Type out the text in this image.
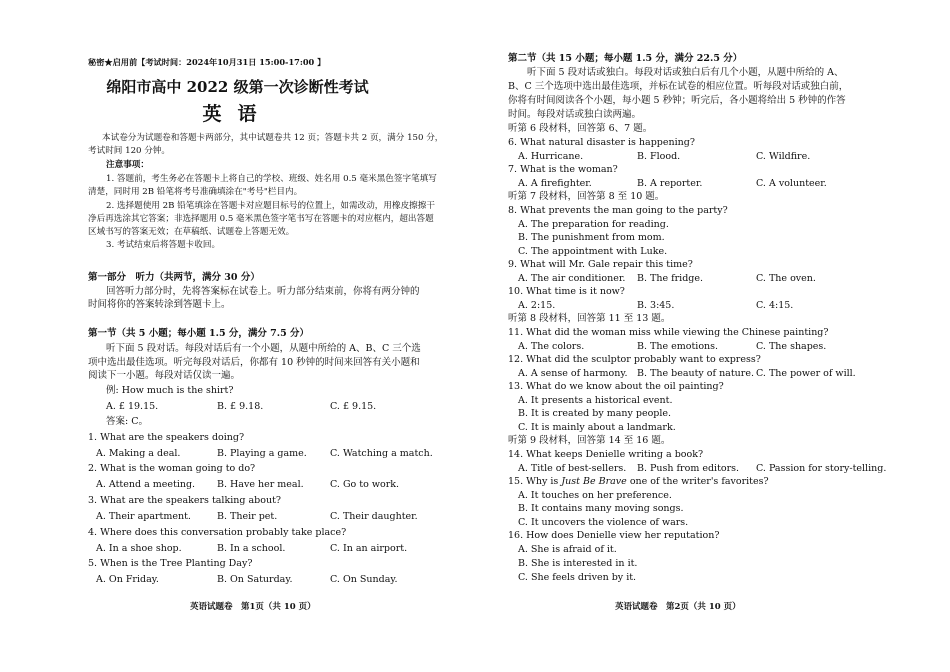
秘密★启用前【考试时间：2024年10月31日 15:00-17:00 】
绵阳市高中 2022 级第一次诊断性考试
英语
本试卷分为试题卷和答题卡两部分，其中试题卷共 12 页；答题卡共 2 页，满分 150 分，
考试时间 120 分钟。
注意事项：
1. 答题前，考生务必在答题卡上将自己的学校、班级、姓名用 0.5 毫米黑色签字笔填写
清楚，同时用 2B 铅笔将考号准确填涂在"考号"栏目内。
2. 选择题使用 2B 铅笔填涂在答题卡对应题目标号的位置上，如需改动，用橡皮擦擦干
净后再选涂其它答案；非选择题用 0.5 毫米黑色签字笔书写在答题卡的对应框内，超出答题
区域书写的答案无效；在草稿纸、试题卷上答题无效。
3. 考试结束后将答题卡收回。
第一部分　听力（共两节，满分 30 分）
回答听力部分时，先将答案标在试卷上。听力部分结束前，你将有两分钟的
时间将你的答案转涂到答题卡上。
第一节（共 5 小题；每小题 1.5 分，满分 7.5 分）
听下面 5 段对话。每段对话后有一个小题，从题中所给的 A、B、C 三个选
项中选出最佳选项。听完每段对话后，你都有 10 秒钟的时间来回答有关小题和
阅读下一小题。每段对话仅读一遍。
例: How much is the shirt?
A. £ 19.15.	B. £ 9.18.	C. £ 9.15.
答案: C。
1. What are the speakers doing?
A. Making a deal.	B. Playing a game. C. Watching a match.
2. What is the woman going to do?
A. Attend a meeting. B. Have her meal.	C. Go to work.
3. What are the speakers talking about?
A. Their apartment.	B. Their pet.	C. Their daughter.
4. Where does this conversation probably take place?
A. In a shoe shop.	B. In a school.	C. In an airport.
5. When is the Tree Planting Day?
A. On Friday.	B. On Saturday.	C. On Sunday.
英语试题卷　第1页（共 10 页）
第二节（共 15 小题；每小题 1.5 分，满分 22.5 分）
听下面 5 段对话或独白。每段对话或独白后有几个小题，从题中所给的 A、
B、C 三个选项中选出最佳选项，并标在试卷的相应位置。听每段对话或独白前，
你将有时间阅读各个小题，每小题 5 秒钟；听完后，各小题将给出 5 秒钟的作答
时间。每段对话或独白读两遍。
听第 6 段材料，回答第 6、7 题。
6. What natural disaster is happening?
A. Hurricane.	B. Flood.	C. Wildfire.
7. What is the woman?
A. A firefighter.	B. A reporter.	C. A volunteer.
听第 7 段材料，回答第 8 至 10 题。
8. What prevents the man going to the party?
A. The preparation for reading.
B. The punishment from mom.
C. The appointment with Luke.
9. What will Mr. Gale repair this time?
A. The air conditioner. B. The fridge.	C. The oven.
10. What time is it now?
A. 2:15.	B. 3:45.	C. 4:15.
听第 8 段材料，回答第 11 至 13 题。
11. What did the woman miss while viewing the Chinese painting?
A. The colors.	B. The emotions.	C. The shapes.
12. What did the sculptor probably want to express?
A. A sense of harmony. B. The beauty of nature. C. The power of will.
13. What do we know about the oil painting?
A. It presents a historical event.
B. It is created by many people.
C. It is mainly about a landmark.
听第 9 段材料，回答第 14 至 16 题。
14. What keeps Denielle writing a book?
A. Title of best-sellers. B. Push from editors. C. Passion for story-telling.
15. Why is Just Be Brave one of the writer's favorites?
A. It touches on her preference.
B. It contains many moving songs.
C. It uncovers the violence of wars.
16. How does Denielle view her reputation?
A. She is afraid of it.
B. She is interested in it.
C. She feels driven by it.
英语试题卷　第2页（共 10 页）
